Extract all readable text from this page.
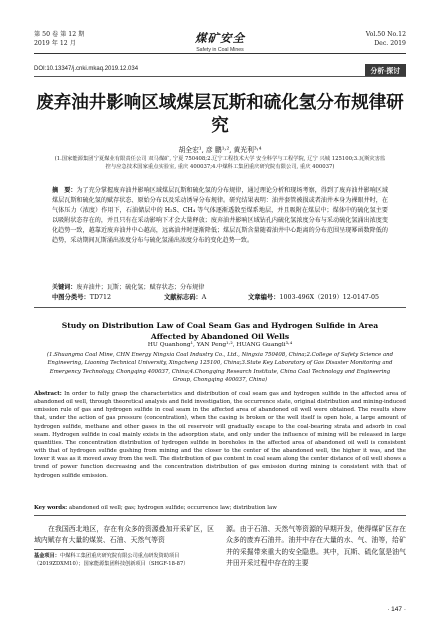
第 50 卷 第 12 期
2019 年 12 月	煤矿安全
Safety in Coal Mines
Vol.50 No.12
Dec. 2019
DOI:10.13347/j.cnki.mkaq.2019.12.034	分析·探讨
废弃油井影响区域煤层瓦斯和硫化氢分布规律研究
胡全宏¹, 彦 鹏¹˒², 黄光利³˒⁴
(1.国家能源集团宁夏煤业有限责任公司 双马煤矿, 宁夏 750408;2.辽宁工程技术大学 安全科学与工程学院, 辽宁 兴城 125100;3.瓦斯灾害监控与应急技术国家重点实验室, 重庆 400037;4.中煤科工集团重庆研究院有限公司, 重庆 400037)
摘　要：为了充分掌握废弃油井影响区域煤层瓦斯和硫化氢的分布规律，通过理论分析和现场考察，得到了废弃油井影响区域煤层瓦斯和硫化氢的赋存状态、原始分布以及采动诱导分布规律。研究结果表明：油井套管被损或者油井本身为裸眼井时，在气体压力（浓度）作用下，石油储层中的 H₂S、CH₄ 等气体逐渐透散至煤系地层，并且吸附在煤层中；煤体中的硫化氢主要以吸附状态存在的，并且只有在采动影响下才会大量释放；废弃油井影响区域钻孔内硫化氢浓度分布与采动硫化氢涌出浓度变化趋势一致，越靠近废弃油井中心越高，远离油井时逐渐降低；煤层瓦斯含量随着油井中心距离的分布范围呈现幂函数降低的趋势，采动期间瓦斯涌出浓度分布与硫化氢涌出浓度分布的变化趋势一致。
关键词：废弃油井；瓦斯；硫化氢；赋存状态；分布规律
中图分类号：TD712	文献标志码：A	文章编号：1003-496X（2019）12-0147-05
Study on Distribution Law of Coal Seam Gas and Hydrogen Sulfide in Area Affected by Abandoned Oil Wells
HU Quanhong¹, YAN Peng¹˒², HUANG Guangli³˒⁴
(1.Shuangma Coal Mine, CHN Energy Ningxia Coal Industry Co., Ltd., Ningxia 750408, China;2.College of Safety Science and Engineering, Liaoning Technical University, Xingcheng 125100, China;3.State Key Laboratory of Gas Disaster Monitoring and Emergency Technology, Chongqing 400037, China;4.Chongqing Research Institute, China Coal Technology and Engineering Group, Chongqing 400037, China)
Abstract: In order to fully grasp the characteristics and distribution of coal seam gas and hydrogen sulfide in the affected area of abandoned oil well, through theoretical analysis and field investigation, the occurrence state, original distribution and mining-induced emission rule of gas and hydrogen sulfide in coal seam in the affected area of abandoned oil well were obtained. The results show that, under the action of gas pressure (concentration), when the casing is broken or the well itself is open hole, a large amount of hydrogen sulfide, methane and other gases in the oil reservoir will gradually escape to the coal-bearing strata and adsorb in coal seam. Hydrogen sulfide in coal mainly exists in the adsorption state, and only under the influence of mining will be released in large quantities. The concentration distribution of hydrogen sulfide in boreholes in the affected area of abandoned oil well is consistent with that of hydrogen sulfide gushing from mining and the closer to the center of the abandoned well, the higher it was, and the lower it was as it moved away from the well. The distribution of gas content in coal seam along the center distance of oil well shows a trend of power function decreasing and the concentration distribution of gas emission during mining is consistent with that of hydrogen sulfide emission.
Key words: abandoned oil well; gas; hydrogen sulfide; occurrence law; distribution law
在我国西北地区，存在有众多的资源叠加开采矿区，区域内赋存有大量的煤炭、石油、天然气等资
源。由于石油、天然气等资源的早期开发，使得煤矿区存在众多的废弃石油井。油井中存在大量的水、气、油等，给矿井的采掘带来重大的安全隐患。其中，瓦斯、硫化氢是油气井田开采过程中存在的主要
基金项目：中煤科工集团重庆研究院有限公司重点研发资助项目（2019ZDXM10）；国家能源集团科技创新项目（SHGF-18-87）
· 147 ·
